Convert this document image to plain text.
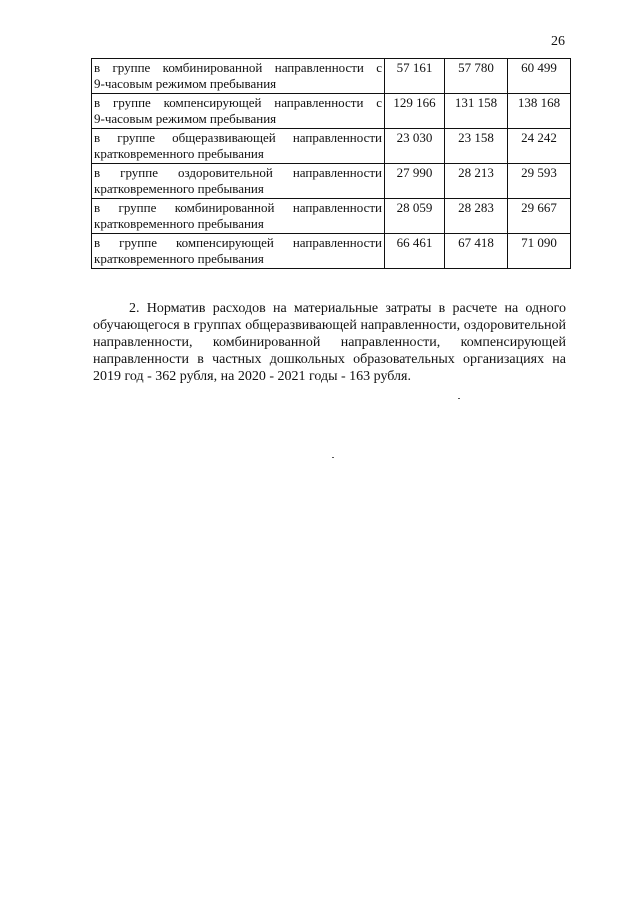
26
в группе комбинированной направленности с
9-часовым режимом пребывания	57 161	57 780	60 499

в группе компенсирующей направленности с
9-часовым режимом пребывания	129 166	131 158	138 168

в группе общеразвивающей направленности
кратковременного пребывания	23 030	23 158	24 242

в группе оздоровительной направленности
кратковременного пребывания	27 990	28 213	29 593

в группе комбинированной направленности
кратковременного пребывания	28 059	28 283	29 667

в группе компенсирующей направленности
кратковременного пребывания	66 461	67 418	71 090

2. Норматив расходов на материальные затраты в расчете на одного обучающегося в группах общеразвивающей направленности, оздоровительной направленности, комбинированной направленности, компенсирующей направленности в частных дошкольных образовательных организациях на 2019 год - 362 рубля, на 2020 - 2021 годы - 163 рубля.
